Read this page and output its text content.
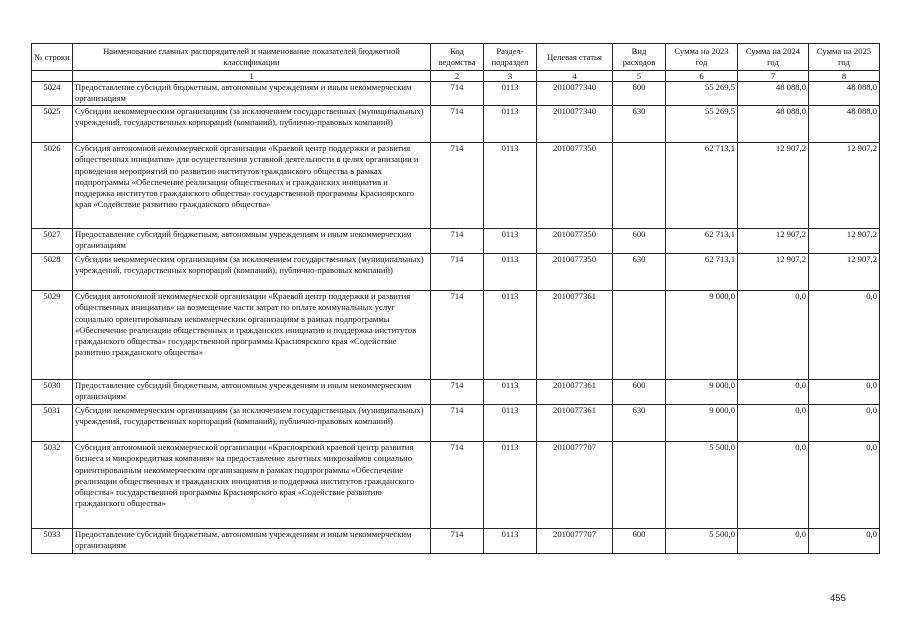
№ строки	Наименование главных распорядителей и наименование показателей бюджетной классификации	Код ведомства	Раздел-подраздел	Целевая статья	Вид расходов	Сумма на 2023 год	Сумма на 2024 год	Сумма на 2025 год
	1	2	3	4	5	6	7	8
5024	Предоставление субсидий бюджетным, автономным учреждениям и иным некоммерческим организациям	714	0113	2010077340	600	55 269,5	48 088,0	48 088,0
5025	Субсидии некоммерческим организациям (за исключением государственных (муниципальных) учреждений, государственных корпораций (компаний), публично-правовых компаний)	714	0113	2010077340	630	55 269,5	48 088,0	48 088,0
5026	Субсидия автономной некоммерческой организации «Краевой центр поддержки и развития общественных инициатив» для осуществления уставной деятельности в целях организации и проведения мероприятий по развитию институтов гражданского общества в рамках подпрограммы «Обеспечение реализации общественных и гражданских инициатив и поддержка институтов гражданского общества» государственной программы Красноярского края «Содействие развитию гражданского общества»	714	0113	2010077350		62 713,1	12 907,2	12 907,2
5027	Предоставление субсидий бюджетным, автономным учреждениям и иным некоммерческим организациям	714	0113	2010077350	600	62 713,1	12 907,2	12 907,2
5028	Субсидии некоммерческим организациям (за исключением государственных (муниципальных) учреждений, государственных корпораций (компаний), публично-правовых компаний)	714	0113	2010077350	630	62 713,1	12 907,2	12 907,2
5029	Субсидия автономной некоммерческой организации «Краевой центр поддержки и развития общественных инициатив» на возмещение части затрат по оплате коммунальных услуг социально ориентированным некоммерческим организациям в рамках подпрограммы «Обеспечение реализации общественных и гражданских инициатив и поддержка институтов гражданского общества» государственной программы Красноярского края «Содействие развитию гражданского общества»	714	0113	2010077361		9 000,0	0,0	0,0
5030	Предоставление субсидий бюджетным, автономным учреждениям и иным некоммерческим организациям	714	0113	2010077361	600	9 000,0	0,0	0,0
5031	Субсидии некоммерческим организациям (за исключением государственных (муниципальных) учреждений, государственных корпораций (компаний), публично-правовых компаний)	714	0113	2010077361	630	9 000,0	0,0	0,0
5032	Субсидия автономной некоммерческой организации «Красноярский краевой центр развития бизнеса и микрокредитная компания» на предоставление льготных микрозаймов социально ориентированным некоммерческим организациям в рамках подпрограммы «Обеспечение реализации общественных и гражданских инициатив и поддержка институтов гражданского общества» государственной программы Красноярского края «Содействие развитию гражданского общества»	714	0113	2010077707		5 500,0	0,0	0,0
5033	Предоставление субсидий бюджетным, автономным учреждениям и иным некоммерческим организациям	714	0113	2010077707	600	5 500,0	0,0	0,0
455
